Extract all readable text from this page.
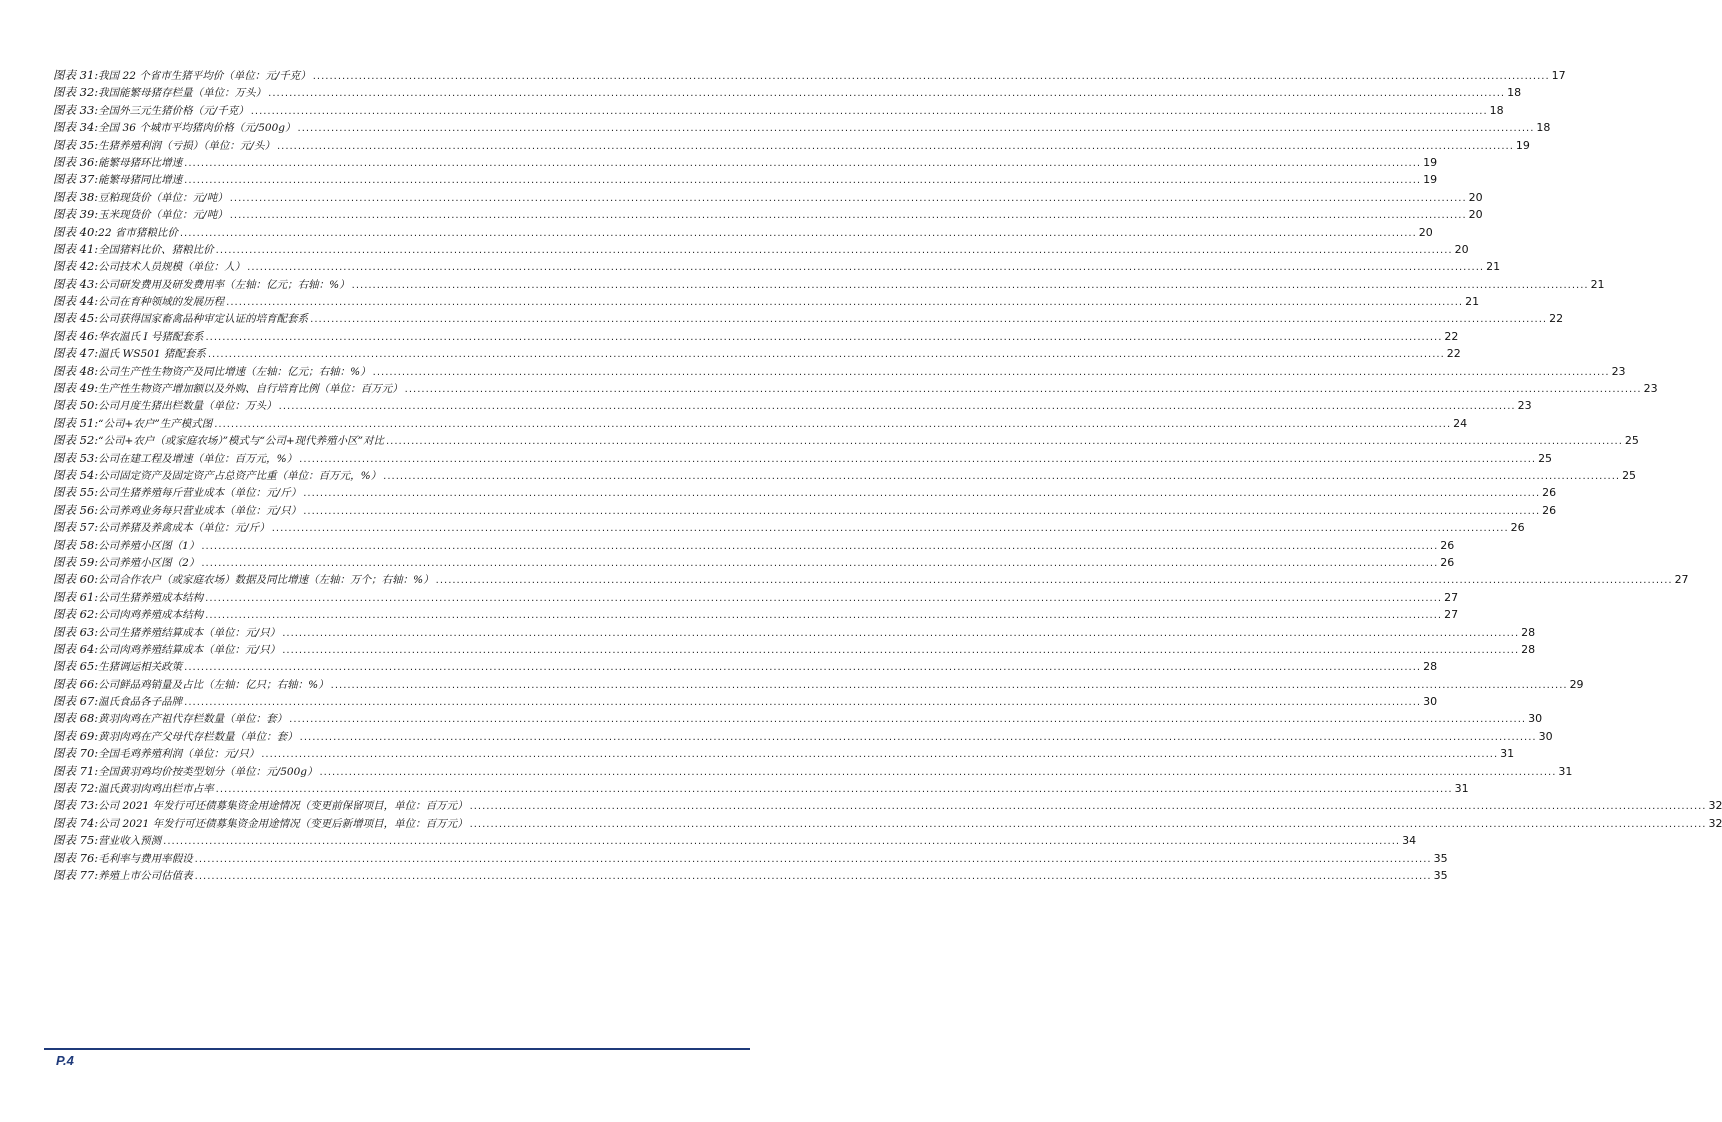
图表 31: 我国 22 个省市生猪平均价（单位：元/千克） .....	17
图表 32: 我国能繁母猪存栏量（单位：万头） .....	18
图表 33: 全国外三元生猪价格（元/千克） .....	18
图表 34: 全国 36 个城市平均猪肉价格（元/500g） .....	18
图表 35: 生猪养殖利润（亏损）（单位：元/头） .....	19
图表 36: 能繁母猪环比增速 .....	19
图表 37: 能繁母猪同比增速 .....	19
图表 38: 豆粕现货价（单位：元/吨） .....	20
图表 39: 玉米现货价（单位：元/吨） .....	20
图表 40: 22 省市猪粮比价 .....	20
图表 41: 全国猪料比价、猪粮比价 .....	20
图表 42: 公司技术人员规模（单位：人） .....	21
图表 43: 公司研发费用及研发费用率（左轴：亿元；右轴：%） .....	21
图表 44: 公司在育种领域的发展历程 .....	21
图表 45: 公司获得国家畜禽品种审定认证的培育配套系 .....	22
图表 46: 华农温氏 I 号猪配套系 .....	22
图表 47: 温氏 WS501 猪配套系 .....	22
图表 48: 公司生产性生物资产及同比增速（左轴：亿元；右轴：%） .....	23
图表 49: 生产性生物资产增加额以及外购、自行培育比例（单位：百万元） .....	23
图表 50: 公司月度生猪出栏数量（单位：万头） .....	23
图表 51: “公司+农户”生产模式图 .....	24
图表 52: “公司+农户（或家庭农场）”模式与“公司+现代养殖小区”对比 .....	25
图表 53: 公司在建工程及增速（单位：百万元，%） .....	25
图表 54: 公司固定资产及固定资产占总资产比重（单位：百万元，%） .....	25
图表 55: 公司生猪养殖每斤营业成本（单位：元/斤） .....	26
图表 56: 公司养鸡业务每只营业成本（单位：元/只） .....	26
图表 57: 公司养猪及养禽成本（单位：元/斤） .....	26
图表 58: 公司养殖小区图（1） .....	26
图表 59: 公司养殖小区图（2） .....	26
图表 60: 公司合作农户（或家庭农场）数据及同比增速（左轴：万个；右轴：%） .....	27
图表 61: 公司生猪养殖成本结构 .....	27
图表 62: 公司肉鸡养殖成本结构 .....	27
图表 63: 公司生猪养殖结算成本（单位：元/只） .....	28
图表 64: 公司肉鸡养殖结算成本（单位：元/只） .....	28
图表 65: 生猪调运相关政策 .....	28
图表 66: 公司鲜品鸡销量及占比（左轴：亿只；右轴：%） .....	29
图表 67: 温氏食品各子品牌 .....	30
图表 68: 黄羽肉鸡在产祖代存栏数量（单位：套） .....	30
图表 69: 黄羽肉鸡在产父母代存栏数量（单位：套） .....	30
图表 70: 全国毛鸡养殖利润（单位：元/只） .....	31
图表 71: 全国黄羽鸡均价按类型划分（单位：元/500g） .....	31
图表 72: 温氏黄羽肉鸡出栏市占率 .....	31
图表 73: 公司 2021 年发行可还债募集资金用途情况（变更前保留项目，单位：百万元） .....	32
图表 74: 公司 2021 年发行可还债募集资金用途情况（变更后新增项目，单位：百万元） .....	32
图表 75: 营业收入预测 .....	34
图表 76: 毛利率与费用率假设 .....	35
图表 77: 养殖上市公司估值表 .....	35
P.4
